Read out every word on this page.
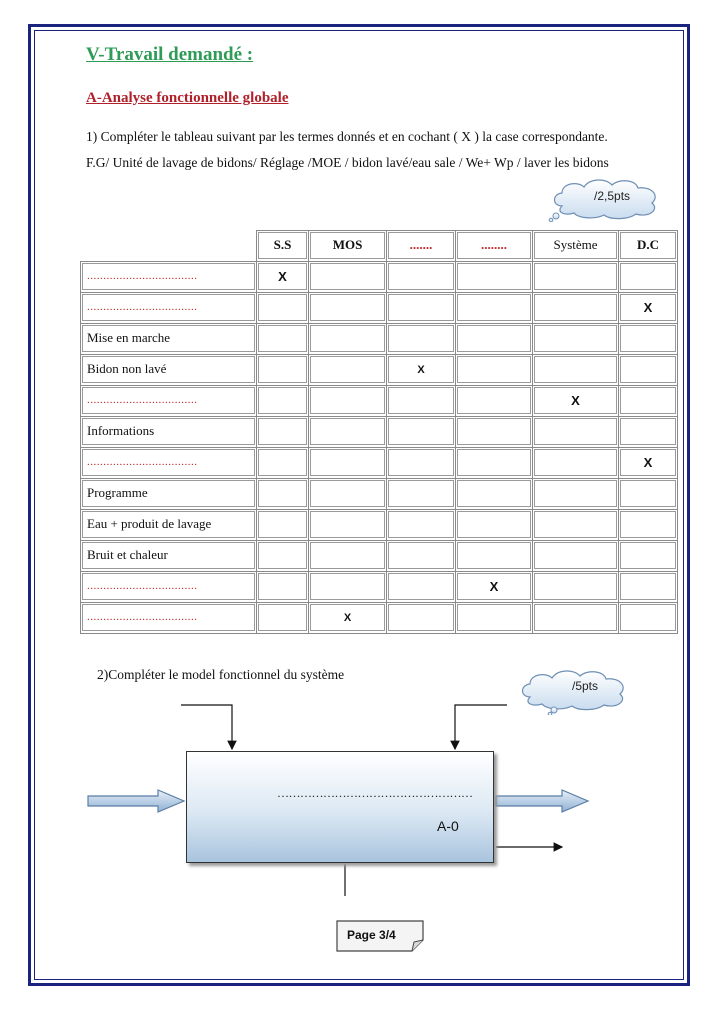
V-Travail demandé :
A-Analyse fonctionnelle globale
1) Compléter le tableau suivant par les termes donnés et en cochant ( X ) la case correspondante.
F.G/ Unité de lavage de bidons/ Réglage /MOE / bidon lavé/eau sale / We+ Wp / laver les bidons
/2,5pts

	S.S	MOS	.......	........	Système	D.C

..................................	X					

..................................						X

Mise en marche						

Bidon non lavé			X			

..................................					X	

Informations						

..................................						X

Programme						

Eau + produit de lavage						

Bruit et chaleur						

..................................				X		

..................................		X				

2)Compléter le model fonctionnel du système
/5pts
……………………………………………
A-0
Page 3/4
